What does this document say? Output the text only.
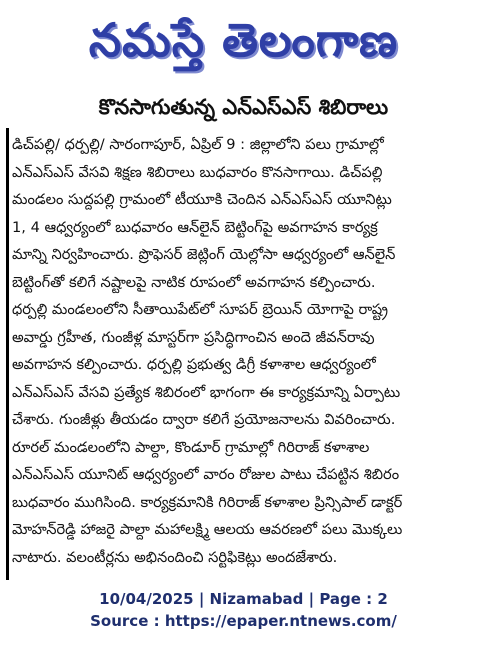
నమస్తే తెలంగాణ
కొనసాగుతున్న ఎన్ఎస్ఎస్ శిబిరాలు
డిచ్‌పల్లి/ ధర్పల్లి/ సారంగాపూర్, ఏప్రిల్ 9 : జిల్లాలోని పలు గ్రామాల్లో
ఎన్ఎస్ఎస్ వేసవి శిక్షణ శిబిరాలు బుధవారం కొనసాగాయి. డిచ్‌పల్లి
మండలం సుద్దపల్లి గ్రామంలో టీయూకి చెందిన ఎన్ఎస్ఎస్ యూనిట్లు
1, 4 ఆధ్వర్యంలో బుధవారం ఆన్‌లైన్ బెట్టింగ్‌పై అవగాహన కార్యక్ర
మాన్ని నిర్వహించారు. ప్రొఫెసర్ జెట్లింగ్ యెల్లోసా ఆధ్వర్యంలో ఆన్‌లైన్
బెట్టింగ్‌తో కలిగే నష్టాలపై నాటిక రూపంలో అవగాహన కల్పించారు.
ధర్పల్లి మండలంలోని సీతాయిపేట్‌లో సూపర్ బ్రెయిన్ యోగాపై రాష్ట్ర
అవార్డు గ్రహీత, గుంజీళ్ల మాస్టర్‌గా ప్రసిద్ధిగాంచిన అందె జీవన్‌రావు
అవగాహన కల్పించారు. ధర్పల్లి ప్రభుత్వ డిగ్రీ కళాశాల ఆధ్వర్యంలో
ఎన్ఎస్ఎస్ వేసవి ప్రత్యేక శిబిరంలో భాగంగా ఈ కార్యక్రమాన్ని ఏర్పాటు
చేశారు. గుంజీళ్లు తీయడం ద్వారా కలిగే ప్రయోజనాలను వివరించారు.
రూరల్ మండలంలోని పాల్దా, కొండూర్ గ్రామాల్లో గిరిరాజ్ కళాశాల
ఎన్ఎస్ఎస్ యూనిట్ ఆధ్వర్యంలో వారం రోజుల పాటు చేపట్టిన శిబిరం
బుధవారం ముగిసింది. కార్యక్రమానికి గిరిరాజ్ కళాశాల ప్రిన్సిపాల్ డాక్టర్
మోహన్‌రెడ్డి హాజరై పాల్దా మహాలక్ష్మి ఆలయ ఆవరణలో పలు మొక్కలు
నాటారు. వలంటీర్లను అభినందించి సర్టిఫికెట్లు అందజేశారు.
10/04/2025 | Nizamabad | Page : 2
Source : https://epaper.ntnews.com/
